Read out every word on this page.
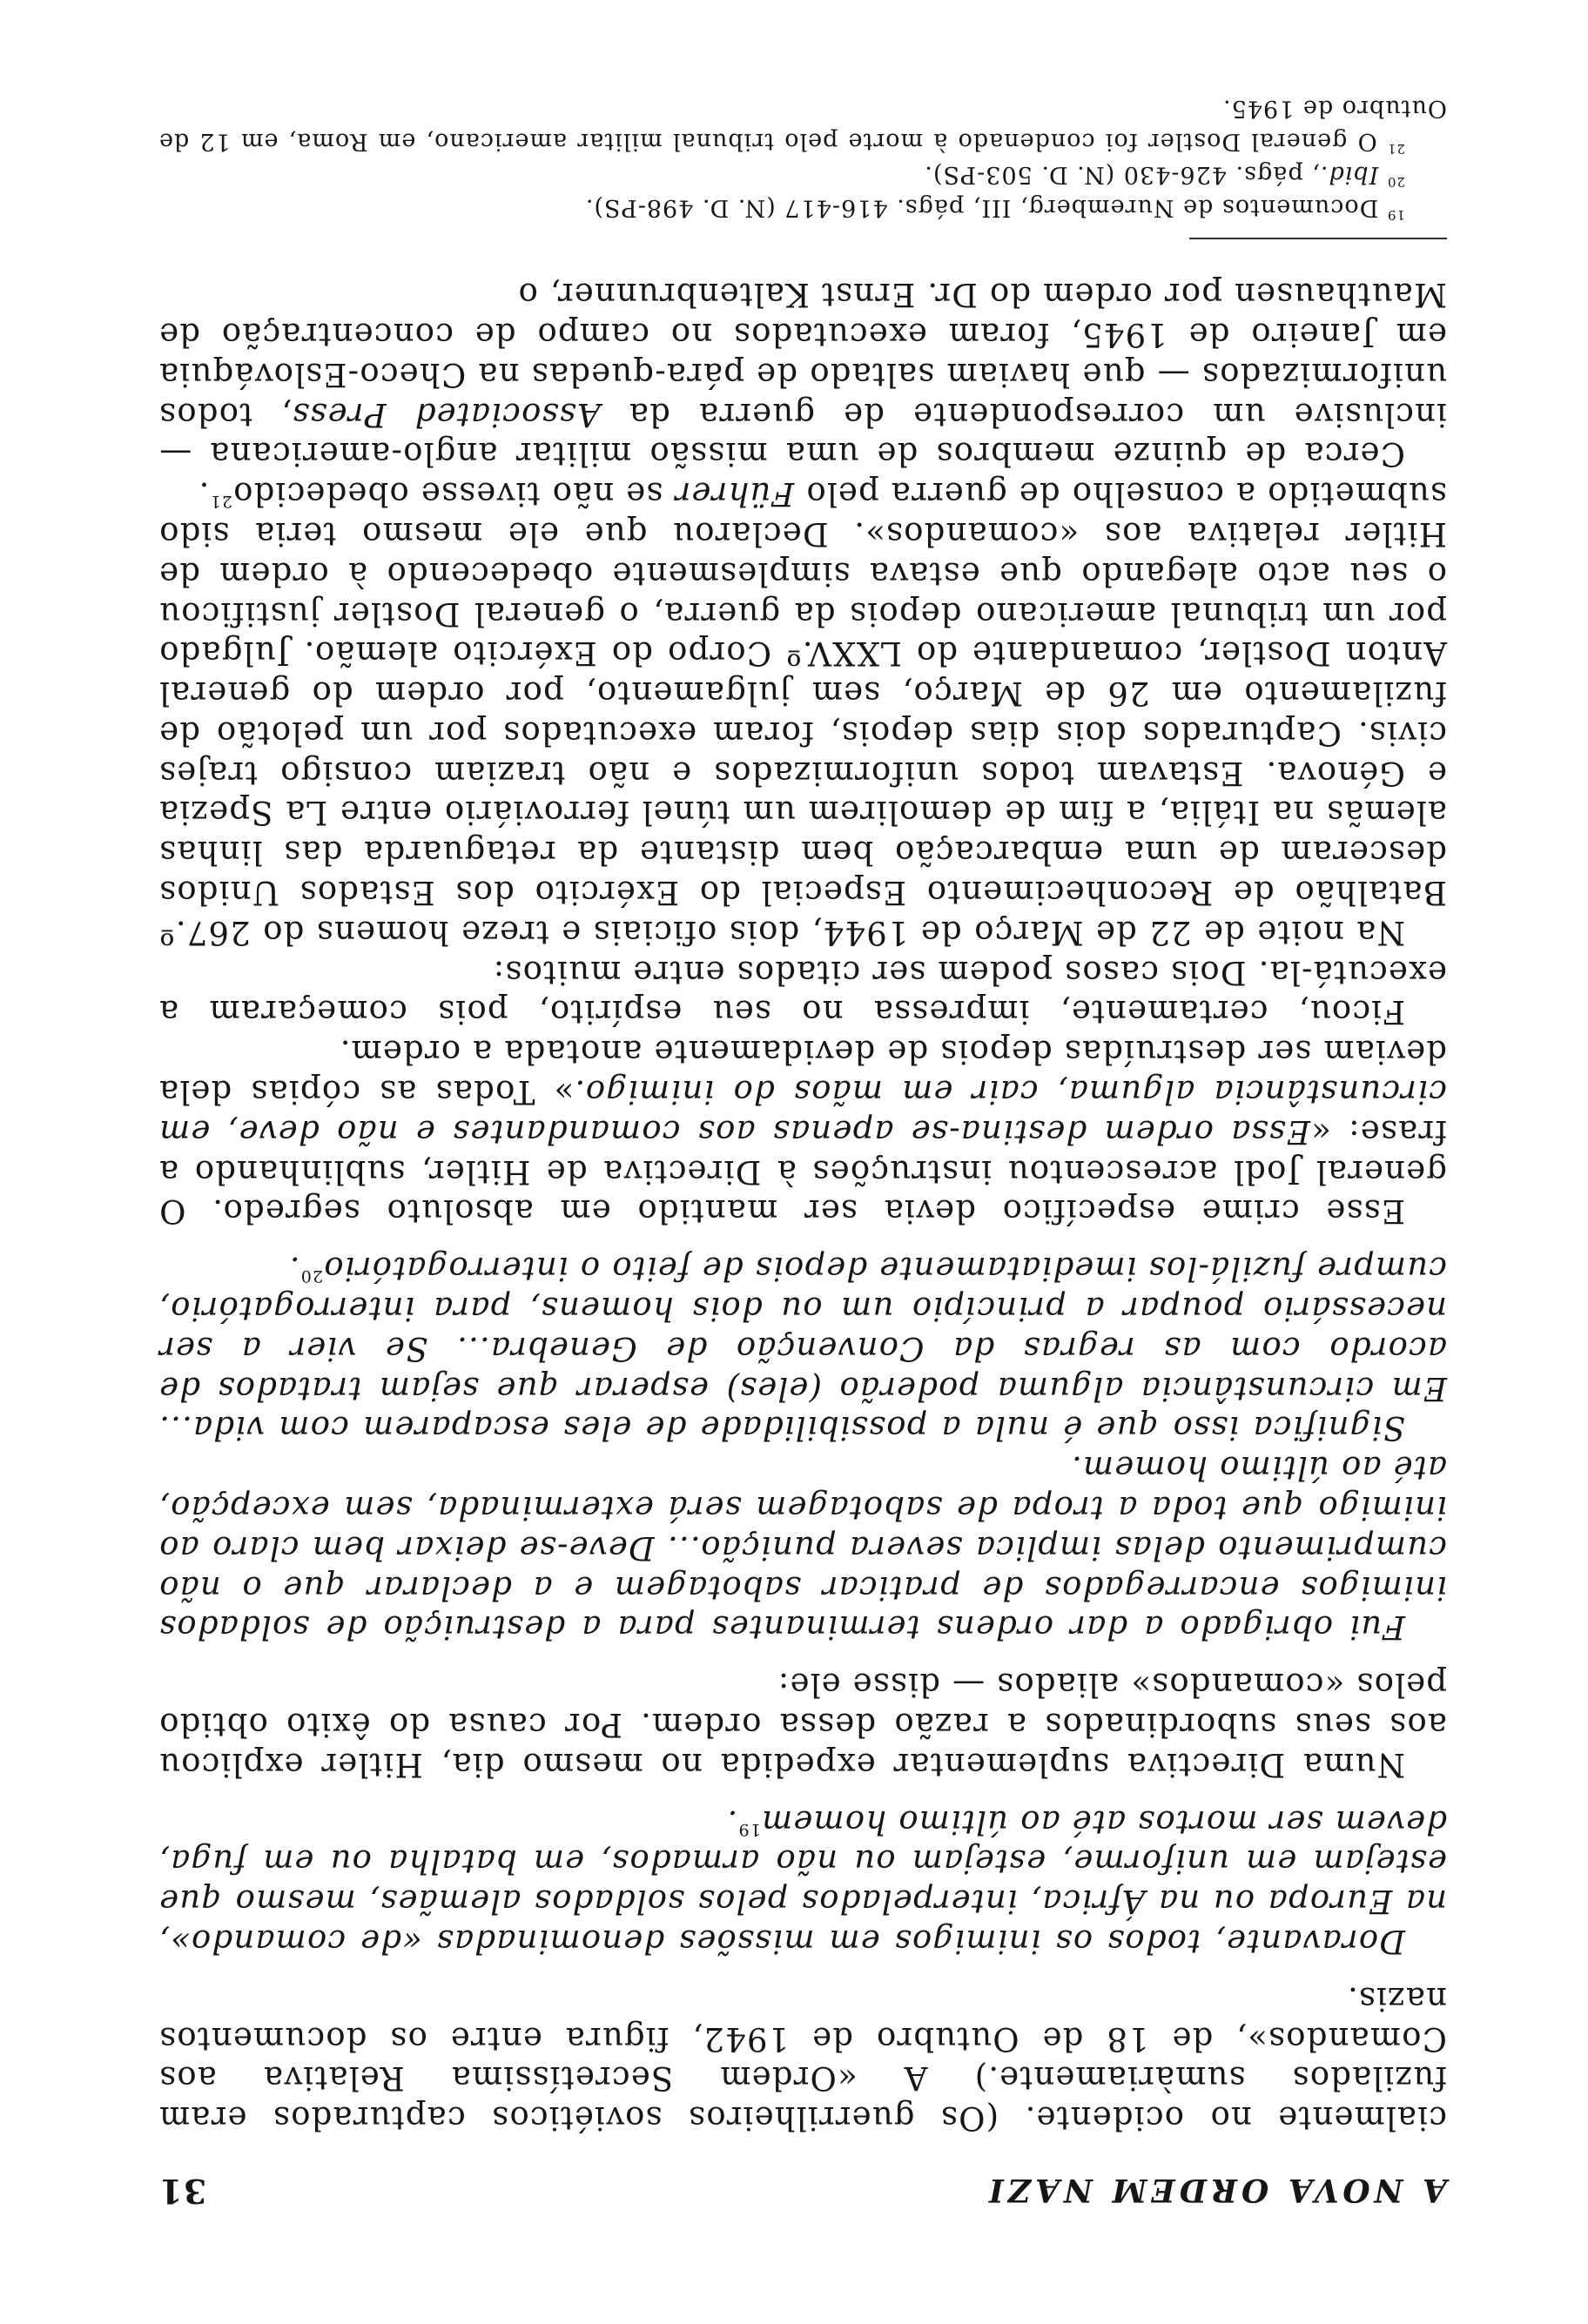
A NOVA ORDEM NAZI
31

cialmente no ocidente. (Os guerrilheiros soviéticos capturados eram fuzilados sumàriamente.) A «Ordem Secretíssima Relativa aos Comandos», de 18 de Outubro de 1942, figura entre os documentos nazis.

Doravante, todos os inimigos em missões denominadas «de comando», na Europa ou na África, interpelados pelos soldados alemães, mesmo que estejam em uniforme, estejam ou não armados, em batalha ou em fuga, devem ser mortos até ao último homem$^{19}$.

Numa Directiva suplementar expedida no mesmo dia, Hitler explicou aos seus subordinados a razão dessa ordem. Por causa do êxito obtido pelos «comandos» aliados — disse ele:

Fui obrigado a dar ordens terminantes para a destruição de soldados inimigos encarregados de praticar sabotagem e a declarar que o não cumprimento delas implica severa punição... Deve-se deixar bem claro ao inimigo que toda a tropa de sabotagem será exterminada, sem excepção, até ao último homem.

Significa isso que é nula a possibilidade de eles escaparem com vida... Em circunstância alguma poderão (eles) esperar que sejam tratados de acordo com as regras da Convenção de Genebra... Se vier a ser necessário poupar a princípio um ou dois homens, para interrogatório, cumpre fuzilá-los imediatamente depois de feito o interrogatório$^{20}$.

Esse crime específico devia ser mantido em absoluto segredo. O general Jodl acrescentou instruções à Directiva de Hitler, sublinhando a frase: «Essa ordem destina-se apenas aos comandantes e não deve, em circunstância alguma, cair em mãos do inimigo.» Todas as cópias dela deviam ser destruídas depois de devidamente anotada a ordem.

Ficou, certamente, impressa no seu espírito, pois começaram a executá-la. Dois casos podem ser citados entre muitos:

Na noite de 22 de Março de 1944, dois oficiais e treze homens do 267.º Batalhão de Reconhecimento Especial do Exército dos Estados Unidos desceram de uma embarcação bem distante da retaguarda das linhas alemãs na Itália, a fim de demolirem um túnel ferroviário entre La Spezia e Génova. Estavam todos uniformizados e não traziam consigo trajes civis. Capturados dois dias depois, foram executados por um pelotão de fuzilamento em 26 de Março, sem julgamento, por ordem do general Anton Dostler, comandante do LXXV.º Corpo do Exército alemão. Julgado por um tribunal americano depois da guerra, o general Dostler justificou o seu acto alegando que estava simplesmente obedecendo à ordem de Hitler relativa aos «comandos». Declarou que ele mesmo teria sido submetido a conselho de guerra pelo Führer se não tivesse obedecido$^{21}$.

Cerca de quinze membros de uma missão militar anglo-americana — inclusive um correspondente de guerra da Associated Press, todos uniformizados — que haviam saltado de pára-quedas na Checo-Eslováquia em Janeiro de 1945, foram executados no campo de concentração de Mauthausen por ordem do Dr. Ernst Kaltenbrunner, o

$^{19}$ Documentos de Nuremberg, III, págs. 416-417 (N. D. 498-PS).

$^{20}$ Ibid., págs. 426-430 (N. D. 503-PS).

$^{21}$ O general Dostler foi condenado à morte pelo tribunal militar americano, em Roma, em 12 de Outubro de 1945.
